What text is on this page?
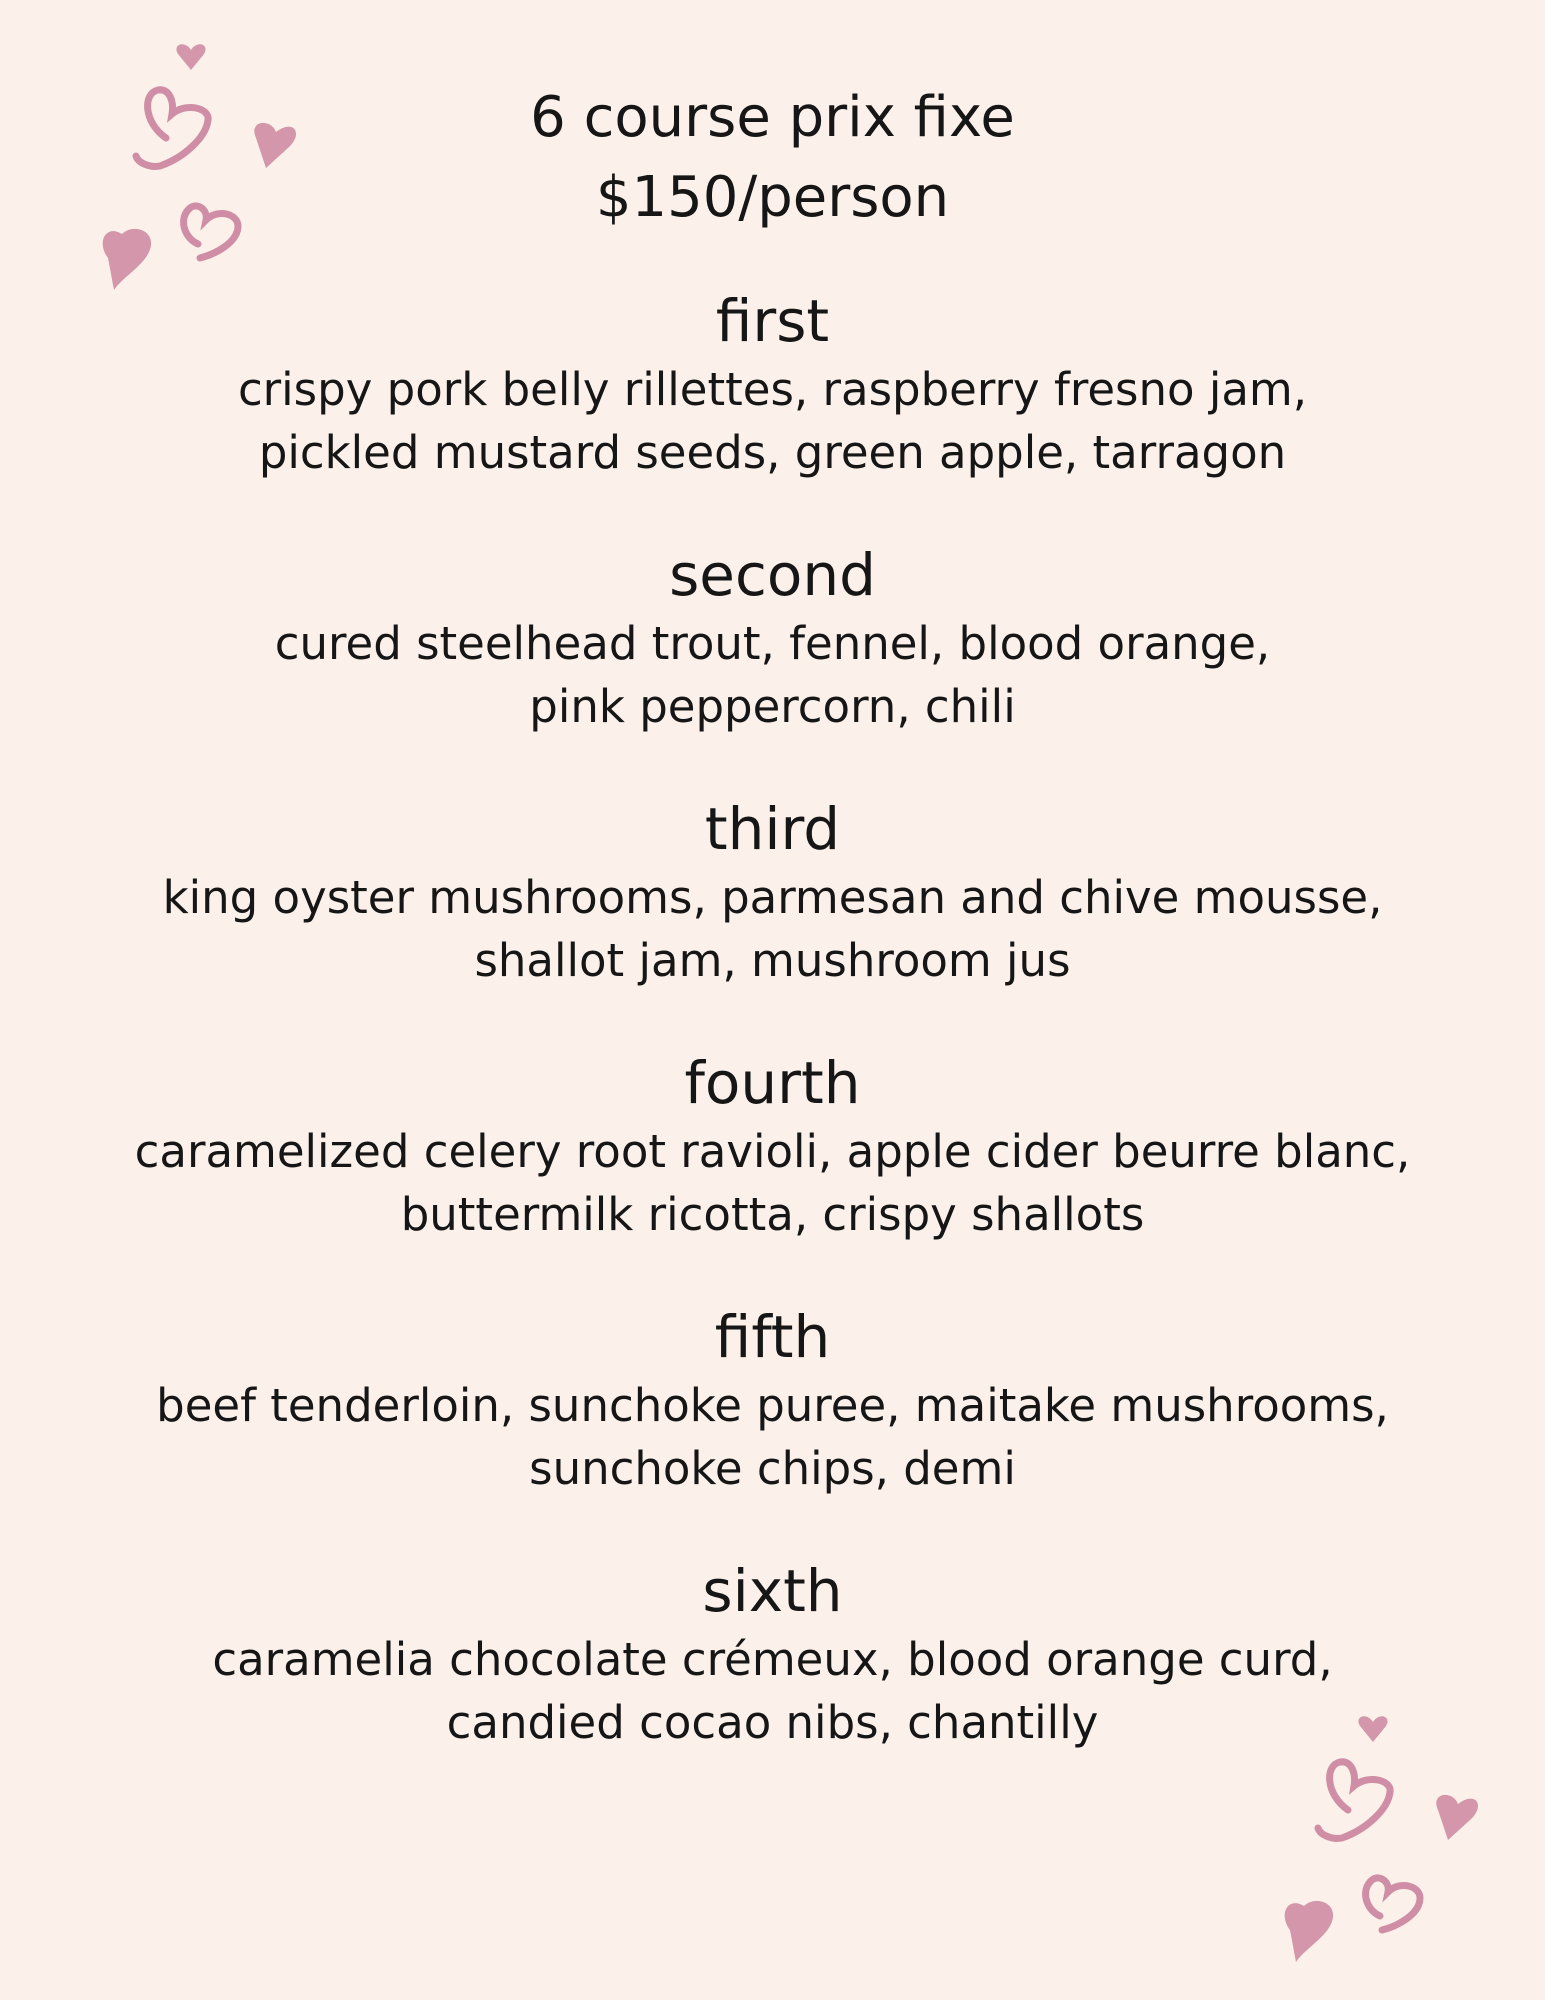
6 course prix fixe
$150/person
first
crispy pork belly rillettes, raspberry fresno jam,
pickled mustard seeds, green apple, tarragon
second
cured steelhead trout, fennel, blood orange,
pink peppercorn, chili
third
king oyster mushrooms, parmesan and chive mousse,
shallot jam, mushroom jus
fourth
caramelized celery root ravioli, apple cider beurre blanc,
buttermilk ricotta, crispy shallots
fifth
beef tenderloin, sunchoke puree, maitake mushrooms,
sunchoke chips, demi
sixth
caramelia chocolate crémeux, blood orange curd,
candied cocao nibs, chantilly
